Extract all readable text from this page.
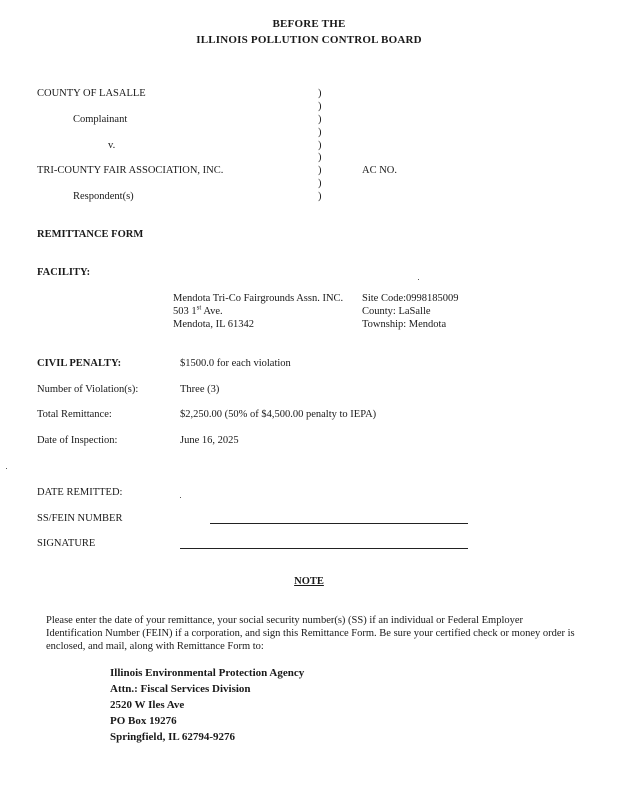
BEFORE THE
ILLINOIS POLLUTION CONTROL BOARD
COUNTY OF LASALLE
Complainant
v.
TRI-COUNTY FAIR ASSOCIATION, INC.
Respondent(s)
AC NO.
)
)
)
)
)
)
)
)
)
REMITTANCE FORM
FACILITY:
Mendota Tri-Co Fairgrounds Assn. INC.
503 1st Ave.
Mendota, IL 61342
Site Code:0998185009
County: LaSalle
Township: Mendota
CIVIL PENALTY:	$1500.0 for each violation
Number of Violation(s):	Three (3)
Total Remittance:	$2,250.00 (50% of $4,500.00 penalty to IEPA)
Date of Inspection:	June 16, 2025
DATE REMITTED:
SS/FEIN NUMBER
SIGNATURE
NOTE
Please enter the date of your remittance, your social security number(s) (SS) if an individual or Federal Employer Identification Number (FEIN) if a corporation, and sign this Remittance Form. Be sure your certified check or money order is enclosed, and mail, along with Remittance Form to:
Illinois Environmental Protection Agency
Attn.: Fiscal Services Division
2520 W Iles Ave
PO Box 19276
Springfield, IL 62794-9276
